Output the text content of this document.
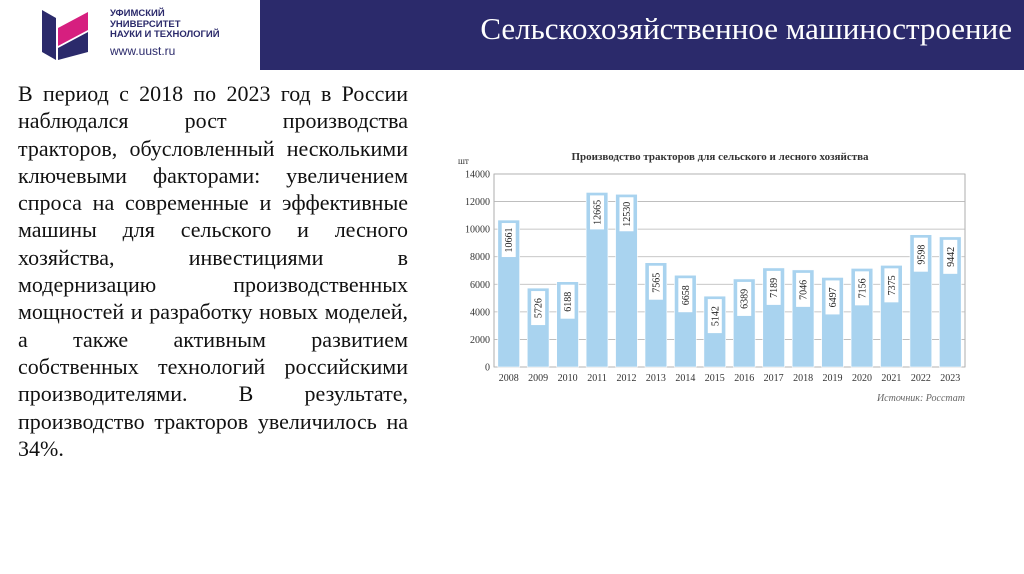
УФИМСКИЙ
УНИВЕРСИТЕТ
НАУКИ И ТЕХНОЛОГИЙ
www.uust.ru
Сельскохозяйственное машиностроение
В период с 2018 по 2023 год в России наблюдался рост производства тракторов, обусловленный несколькими ключевыми факторами: увеличением спроса на современные и эффективные машины для сельского и лесного хозяйства, инвестициями в модернизацию производственных мощностей и разработку новых моделей, а также активным развитием собственных технологий российскими производителями. В результате, производство тракторов увеличилось на 34%.
Производство тракторов для сельского и лесного хозяйства
шт
0
2000
4000
6000
8000
10000
12000
14000
10661
2008
5726
2009
6188
2010
12665
2011
12530
2012
7565
2013
6658
2014
5142
2015
6389
2016
7189
2017
7046
2018
6497
2019
7156
2020
7375
2021
9598
2022
9442
2023
Источник: Росстат
